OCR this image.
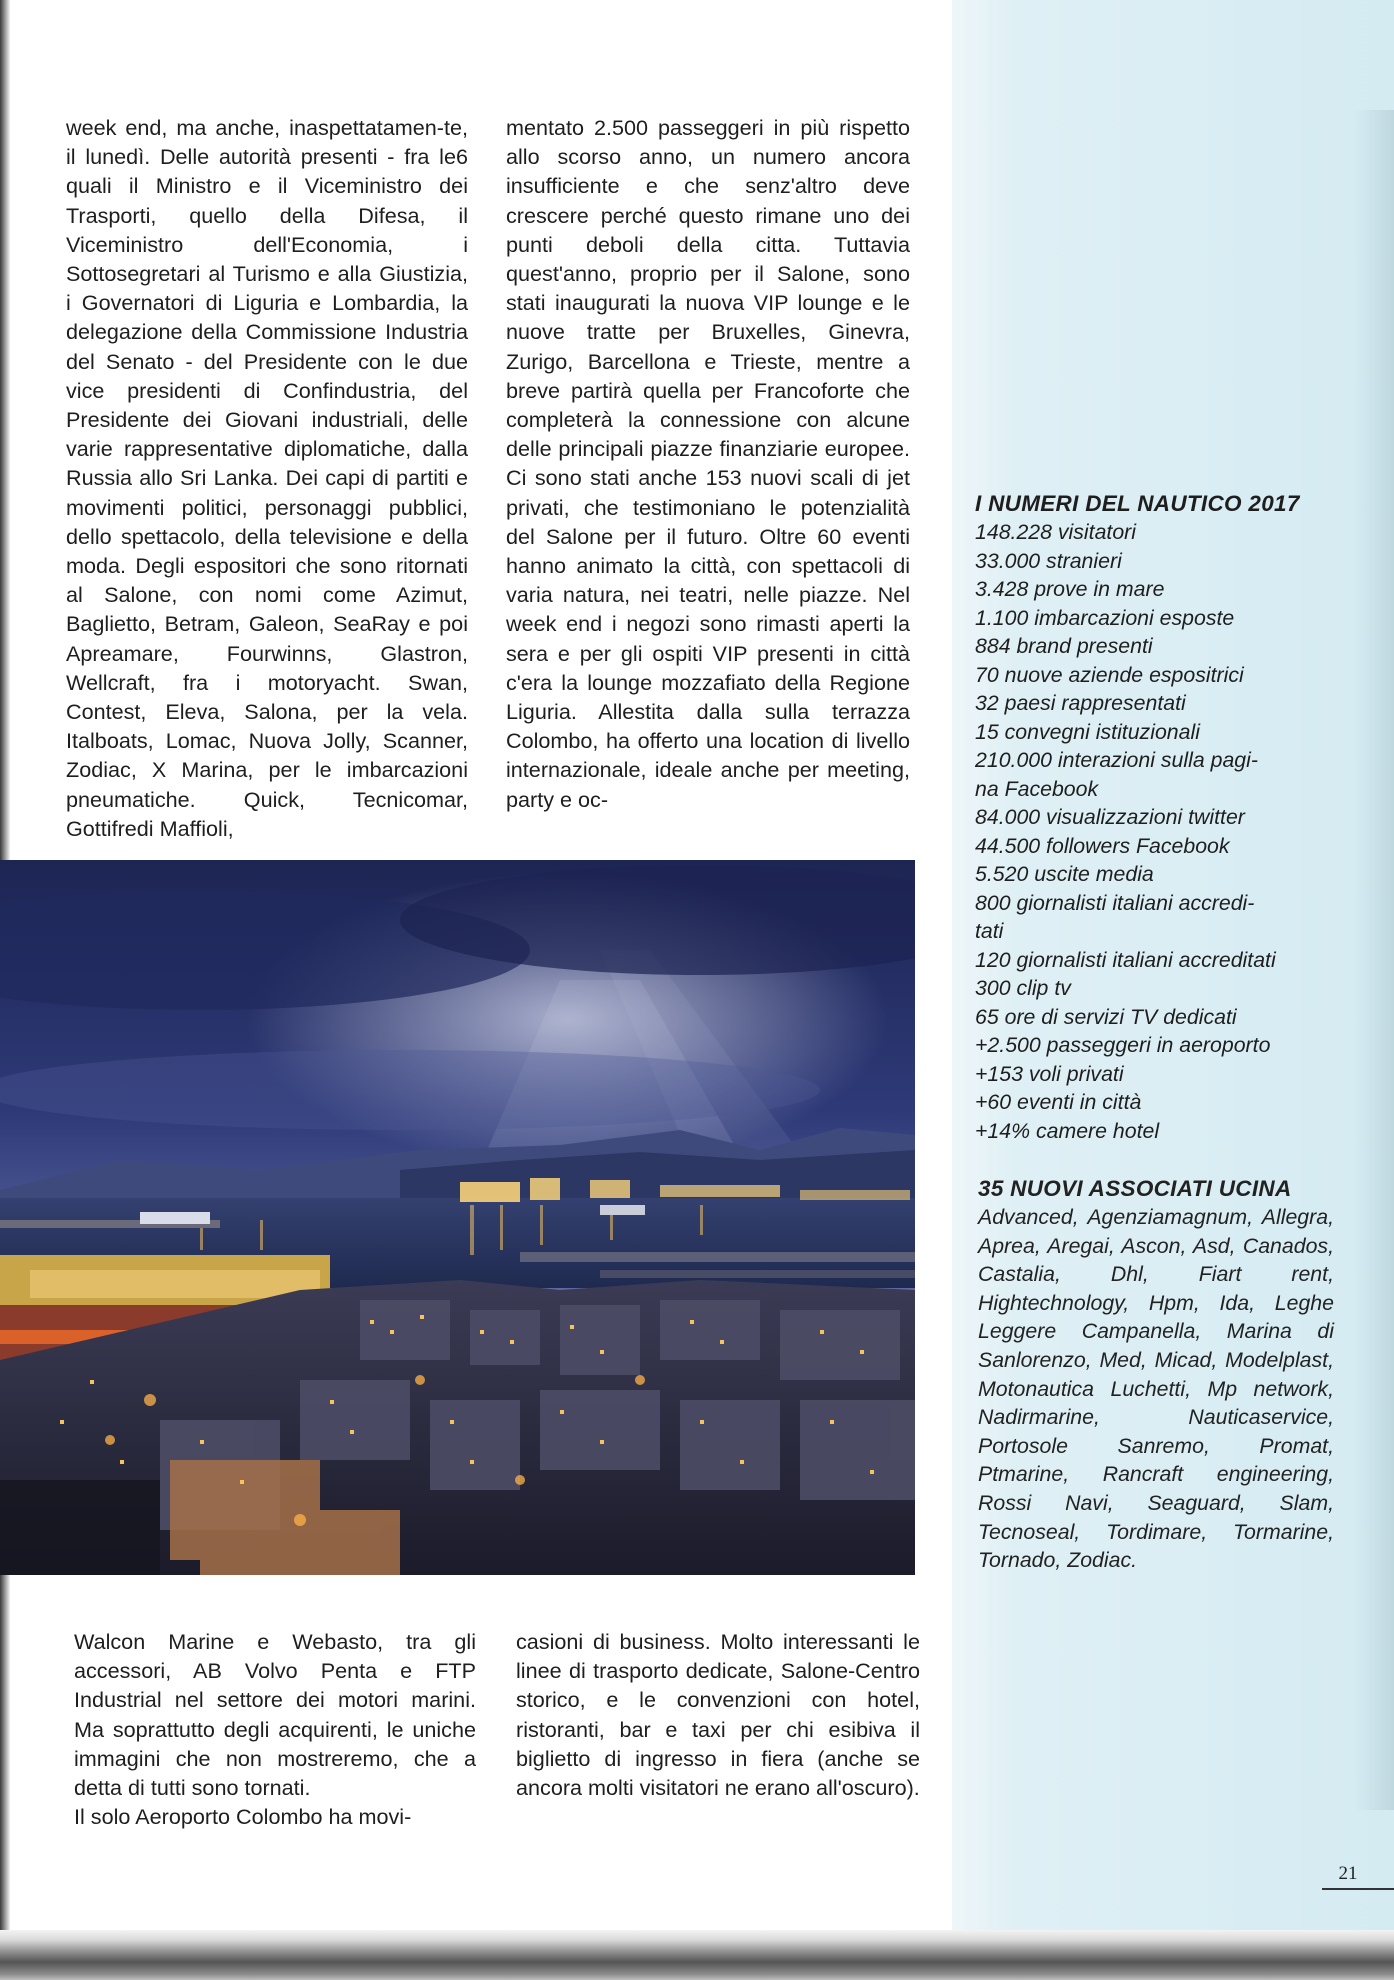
week end, ma anche, inaspettatamen-te, il lunedì. Delle autorità presenti - fra le6 quali il Ministro e il Viceministro dei Trasporti, quello della Difesa, il Viceministro dell'Economia, i Sottosegretari al Turismo e alla Giustizia, i Governatori di Liguria e Lombardia, la delegazione della Commissione Industria del Senato - del Presidente con le due vice presidenti di Confindustria, del Presidente dei Giovani industriali, delle varie rappresentative diplomatiche, dalla Russia allo Sri Lanka. Dei capi di partiti e movimenti politici, personaggi pubblici, dello spettacolo, della televisione e della moda. Degli espositori che sono ritornati al Salone, con nomi come Azimut, Baglietto, Betram, Galeon, SeaRay e poi Apreamare, Fourwinns, Glastron, Wellcraft, fra i motoryacht. Swan, Contest, Eleva, Salona, per la vela. Italboats, Lomac, Nuova Jolly, Scanner, Zodiac, X Marina, per le imbarcazioni pneumatiche. Quick, Tecnicomar, Gottifredi Maffioli,

mentato 2.500 passeggeri in più rispetto allo scorso anno, un numero ancora insufficiente e che senz'altro deve crescere perché questo rimane uno dei punti deboli della citta. Tuttavia quest'anno, proprio per il Salone, sono stati inaugurati la nuova VIP lounge e le nuove tratte per Bruxelles, Ginevra, Zurigo, Barcellona e Trieste, mentre a breve partirà quella per Francoforte che completerà la connessione con alcune delle principali piazze finanziarie europee. Ci sono stati anche 153 nuovi scali di jet privati, che testimoniano le potenzialità del Salone per il futuro. Oltre 60 eventi hanno animato la città, con spettacoli di varia natura, nei teatri, nelle piazze. Nel week end i negozi sono rimasti aperti la sera e per gli ospiti VIP presenti in città c'era la lounge mozzafiato della Regione Liguria. Allestita dalla sulla terrazza Colombo, ha offerto una location di livello internazionale, ideale anche per meeting, party e oc-

Walcon Marine e Webasto, tra gli accessori, AB Volvo Penta e FTP Industrial nel settore dei motori marini. Ma soprattutto degli acquirenti, le uniche immagini che non mostreremo, che a detta di tutti sono tornati.

Il solo Aeroporto Colombo ha movi-

casioni di business. Molto interessanti le linee di trasporto dedicate, Salone-Centro storico, e le convenzioni con hotel, ristoranti, bar e taxi per chi esibiva il biglietto di ingresso in fiera (anche se ancora molti visitatori ne erano all'oscuro).

I NUMERI DEL NAUTICO 2017
148.228 visitatori
33.000 stranieri
3.428 prove in mare
1.100 imbarcazioni esposte
884 brand presenti
70 nuove aziende espositrici
32 paesi rappresentati
15 convegni istituzionali
210.000 interazioni sulla pagi-
na Facebook
84.000 visualizzazioni twitter
44.500 followers Facebook
5.520 uscite media
800 giornalisti italiani accredi-
tati
120 giornalisti italiani accreditati
300 clip tv
65 ore di servizi TV dedicati
+2.500 passeggeri in aeroporto
+153 voli privati
+60 eventi in città
+14% camere hotel
35 NUOVI ASSOCIATI UCINA

Advanced, Agenziamagnum, Allegra, Aprea, Aregai, Ascon, Asd, Canados, Castalia, Dhl, Fiart rent, Hightechnology, Hpm, Ida, Leghe Leggere Campanella, Marina di Sanlorenzo, Med, Micad, Modelplast, Motonautica Luchetti, Mp network, Nadirmarine, Nauticaservice, Portosole Sanremo, Promat, Ptmarine, Rancraft engineering, Rossi Navi, Seaguard, Slam, Tecnoseal, Tordimare, Tormarine, Tornado, Zodiac.

21
